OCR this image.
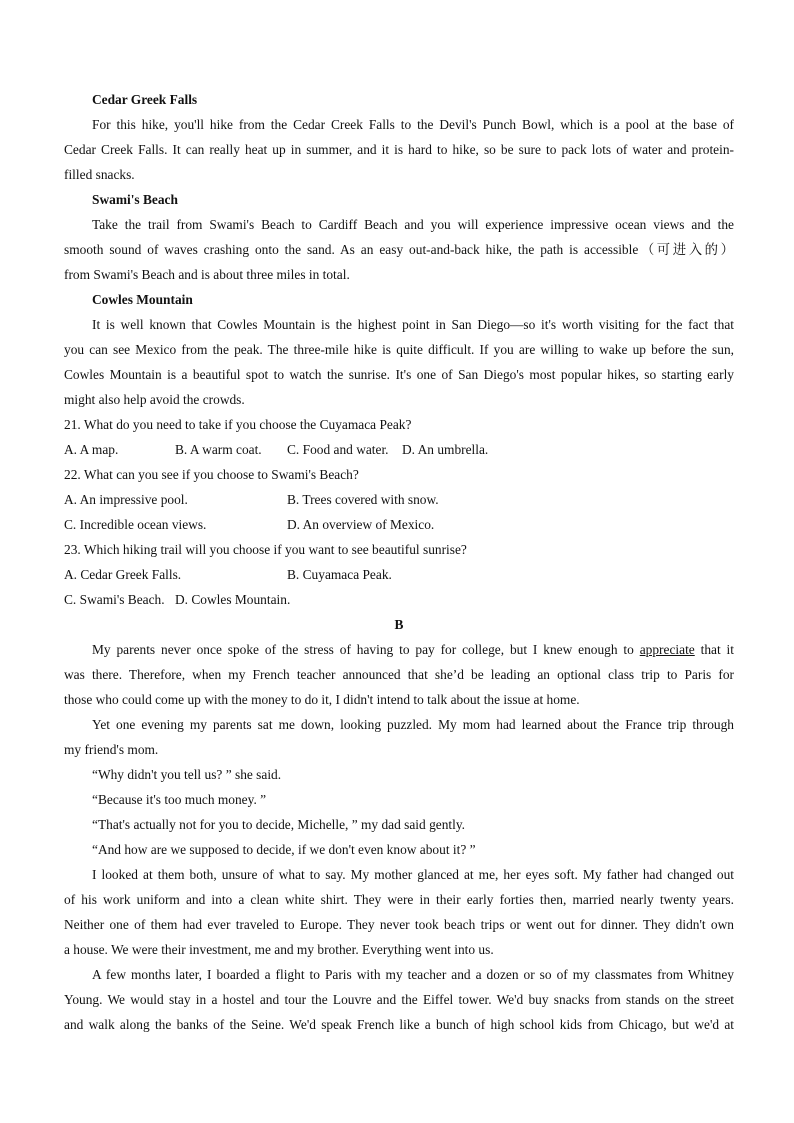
Cedar Greek Falls
For this hike, you'll hike from the Cedar Creek Falls to the Devil's Punch Bowl, which is a pool at the base of
Cedar Creek Falls. It can really heat up in summer, and it is hard to hike, so be sure to pack lots of water and protein-
filled snacks.
Swami's Beach
Take the trail from Swami's Beach to Cardiff Beach and you will experience impressive ocean views and the
smooth sound of waves crashing onto the sand. As an easy out-and-back hike, the path is accessible（可进入的）
from Swami's Beach and is about three miles in total.
Cowles Mountain
It is well known that Cowles Mountain is the highest point in San Diego—so it's worth visiting for the fact that
you can see Mexico from the peak. The three-mile hike is quite difficult. If you are willing to wake up before the sun,
Cowles Mountain is a beautiful spot to watch the sunrise. It's one of San Diego's most popular hikes, so starting early
might also help avoid the crowds.
21. What do you need to take if you choose the Cuyamaca Peak?
A. A map.	B. A warm coat.	C. Food and water.	D. An umbrella.
22. What can you see if you choose to Swami's Beach?
A. An impressive pool.	B. Trees covered with snow.
C. Incredible ocean views.	D. An overview of Mexico.
23. Which hiking trail will you choose if you want to see beautiful sunrise?
A. Cedar Greek Falls.	B. Cuyamaca Peak.
C. Swami's Beach. D. Cowles Mountain.
B
My parents never once spoke of the stress of having to pay for college, but I knew enough to appreciate that it
was there. Therefore, when my French teacher announced that she’d be leading an optional class trip to Paris for
those who could come up with the money to do it, I didn't intend to talk about the issue at home.
Yet one evening my parents sat me down, looking puzzled. My mom had learned about the France trip through
my friend's mom.
“Why didn't you tell us? ” she said.
“Because it's too much money. ”
“That's actually not for you to decide, Michelle, ” my dad said gently.
“And how are we supposed to decide, if we don't even know about it? ”
I looked at them both, unsure of what to say. My mother glanced at me, her eyes soft. My father had changed out
of his work uniform and into a clean white shirt. They were in their early forties then, married nearly twenty years.
Neither one of them had ever traveled to Europe. They never took beach trips or went out for dinner. They didn't own
a house. We were their investment, me and my brother. Everything went into us.
A few months later, I boarded a flight to Paris with my teacher and a dozen or so of my classmates from Whitney
Young. We would stay in a hostel and tour the Louvre and the Eiffel tower. We'd buy snacks from stands on the street
and walk along the banks of the Seine. We'd speak French like a bunch of high school kids from Chicago, but we'd at
